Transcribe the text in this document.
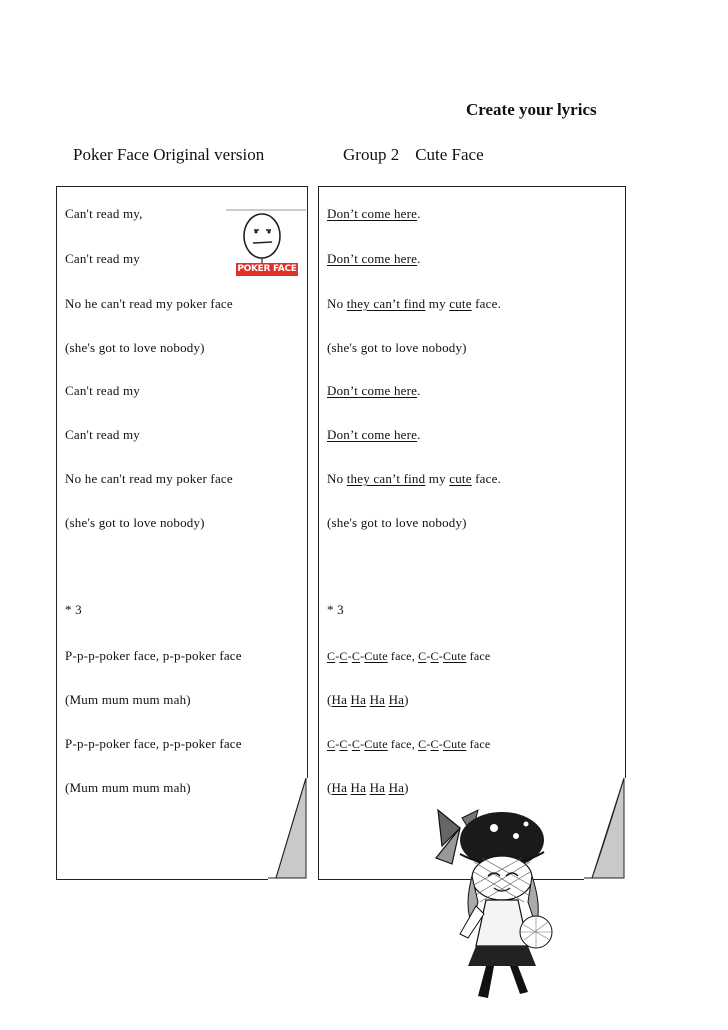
Create your lyrics
Poker Face Original version	Group 2 Cute Face
POKER FACE
Can't read my,
Can't read my
No he can't read my poker face
(she's got to love nobody)
Can't read my
Can't read my
No he can't read my poker face
(she's got to love nobody)
* 3
P-p-p-poker face, p-p-poker face
(Mum mum mum mah)
P-p-p-poker face, p-p-poker face
(Mum mum mum mah)
Don’t come here.
Don’t come here.
No they can’t find my cute face.
(she's got to love nobody)
Don’t come here.
Don’t come here.
No they can’t find my cute face.
(she's got to love nobody)
* 3
C-C-C-Cute face, C-C-Cute face
(Ha Ha Ha Ha)
C-C-C-Cute face, C-C-Cute face
(Ha Ha Ha Ha)
